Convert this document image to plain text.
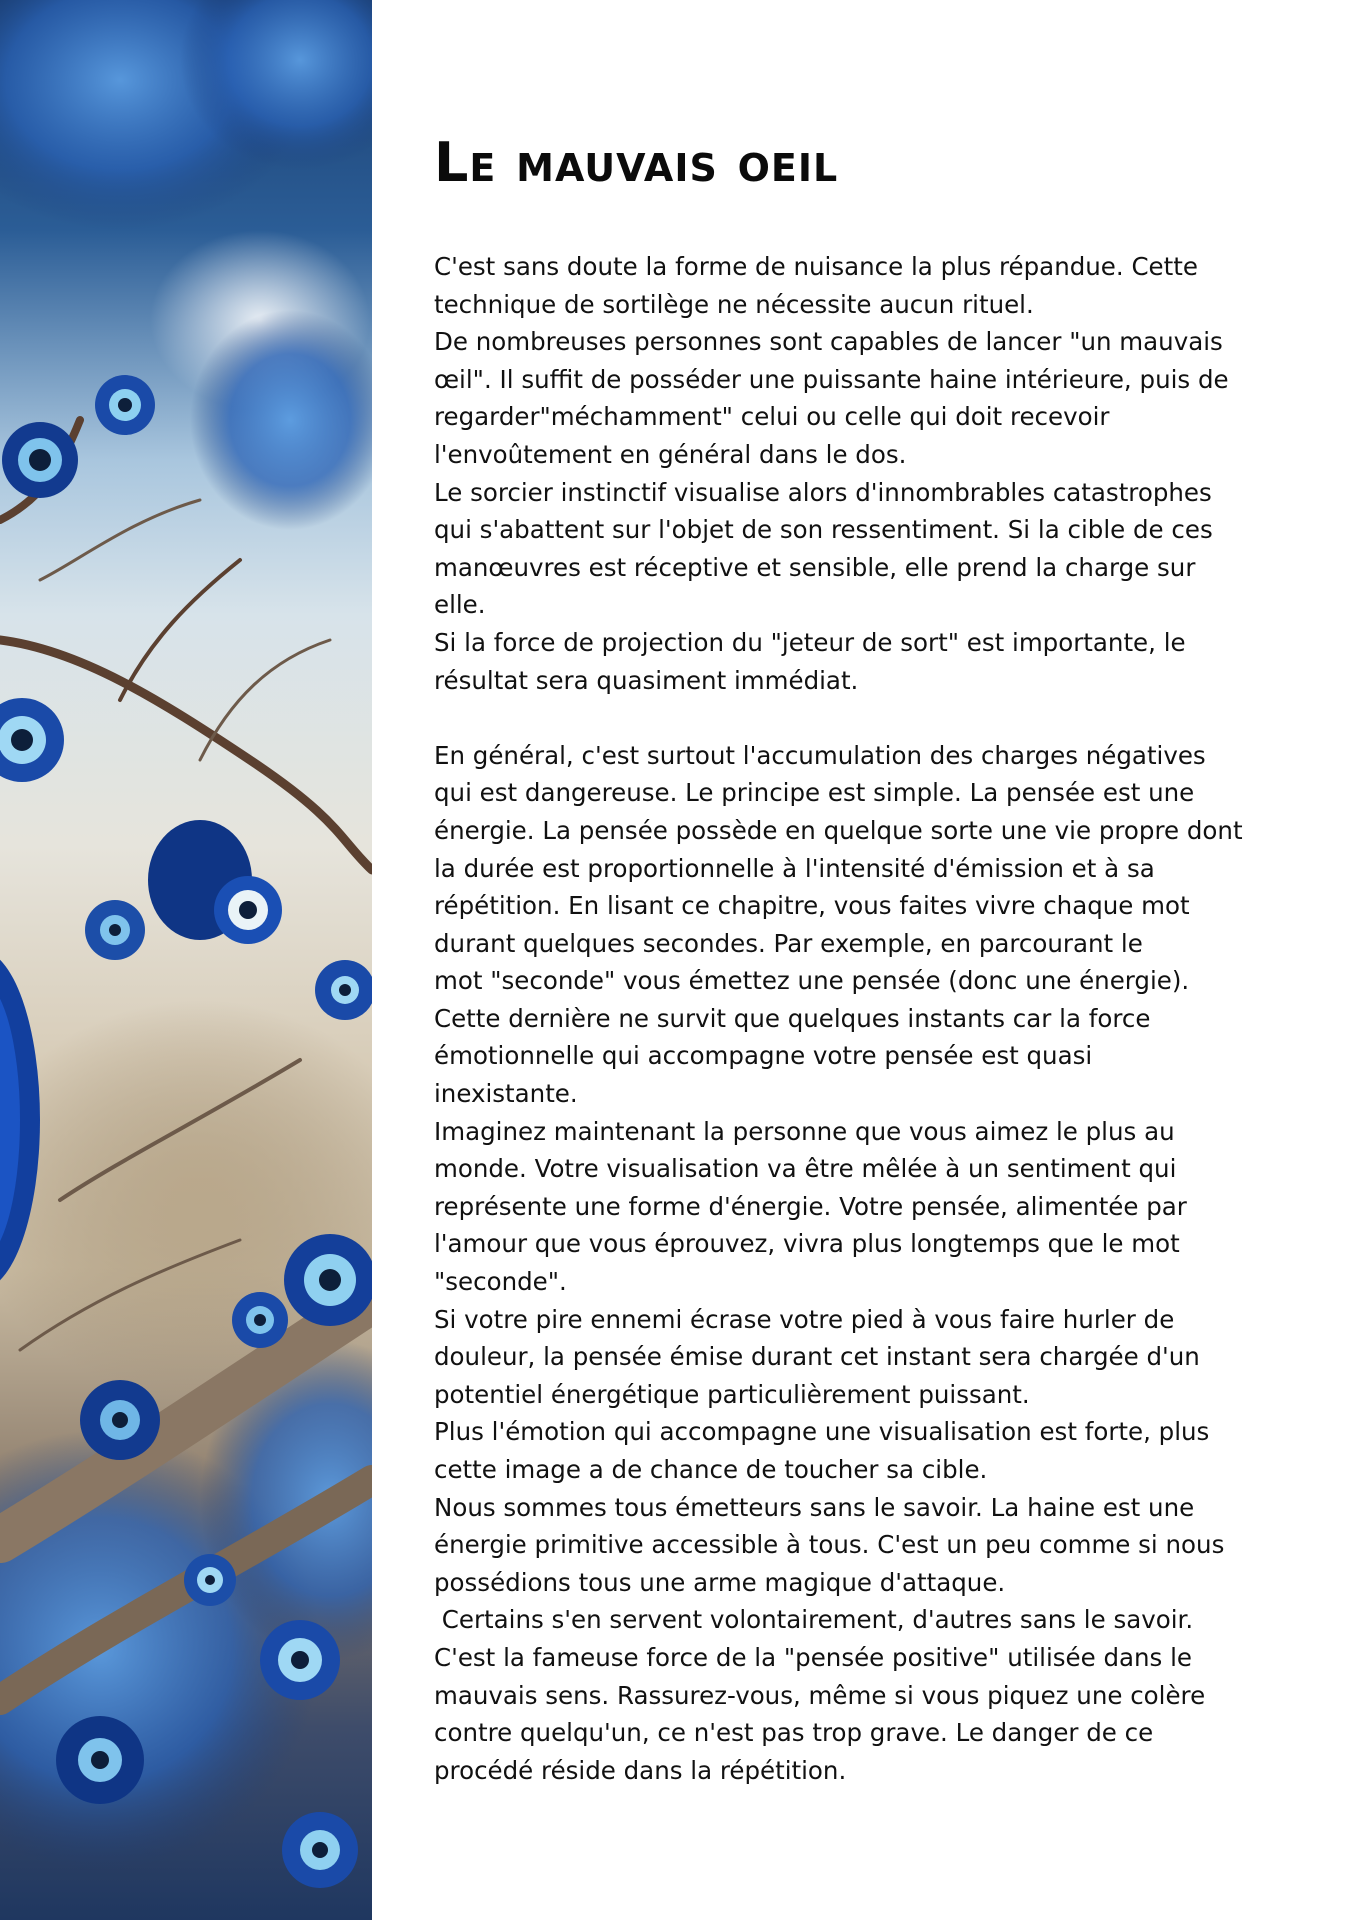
Le mauvais oeil
C'est sans doute la forme de nuisance la plus répandue. Cette
technique de sortilège ne nécessite aucun rituel.
De nombreuses personnes sont capables de lancer "un mauvais
œil". Il suffit de posséder une puissante haine intérieure, puis de
regarder"méchamment" celui ou celle qui doit recevoir
l'envoûtement en général dans le dos.
Le sorcier instinctif visualise alors d'innombrables catastrophes
qui s'abattent sur l'objet de son ressentiment. Si la cible de ces
manœuvres est réceptive et sensible, elle prend la charge sur
elle.
Si la force de projection du "jeteur de sort" est importante, le
résultat sera quasiment immédiat.
En général, c'est surtout l'accumulation des charges négatives
qui est dangereuse. Le principe est simple. La pensée est une
énergie. La pensée possède en quelque sorte une vie propre dont
la durée est proportionnelle à l'intensité d'émission et à sa
répétition. En lisant ce chapitre, vous faites vivre chaque mot
durant quelques secondes. Par exemple, en parcourant le
mot "seconde" vous émettez une pensée (donc une énergie).
Cette dernière ne survit que quelques instants car la force
émotionnelle qui accompagne votre pensée est quasi
inexistante.
Imaginez maintenant la personne que vous aimez le plus au
monde. Votre visualisation va être mêlée à un sentiment qui
représente une forme d'énergie. Votre pensée, alimentée par
l'amour que vous éprouvez, vivra plus longtemps que le mot
"seconde".
Si votre pire ennemi écrase votre pied à vous faire hurler de
douleur, la pensée émise durant cet instant sera chargée d'un
potentiel énergétique particulièrement puissant.
Plus l'émotion qui accompagne une visualisation est forte, plus
cette image a de chance de toucher sa cible.
Nous sommes tous émetteurs sans le savoir. La haine est une
énergie primitive accessible à tous. C'est un peu comme si nous
possédions tous une arme magique d'attaque.
Certains s'en servent volontairement, d'autres sans le savoir.
C'est la fameuse force de la "pensée positive" utilisée dans le
mauvais sens. Rassurez-vous, même si vous piquez une colère
contre quelqu'un, ce n'est pas trop grave. Le danger de ce
procédé réside dans la répétition.
